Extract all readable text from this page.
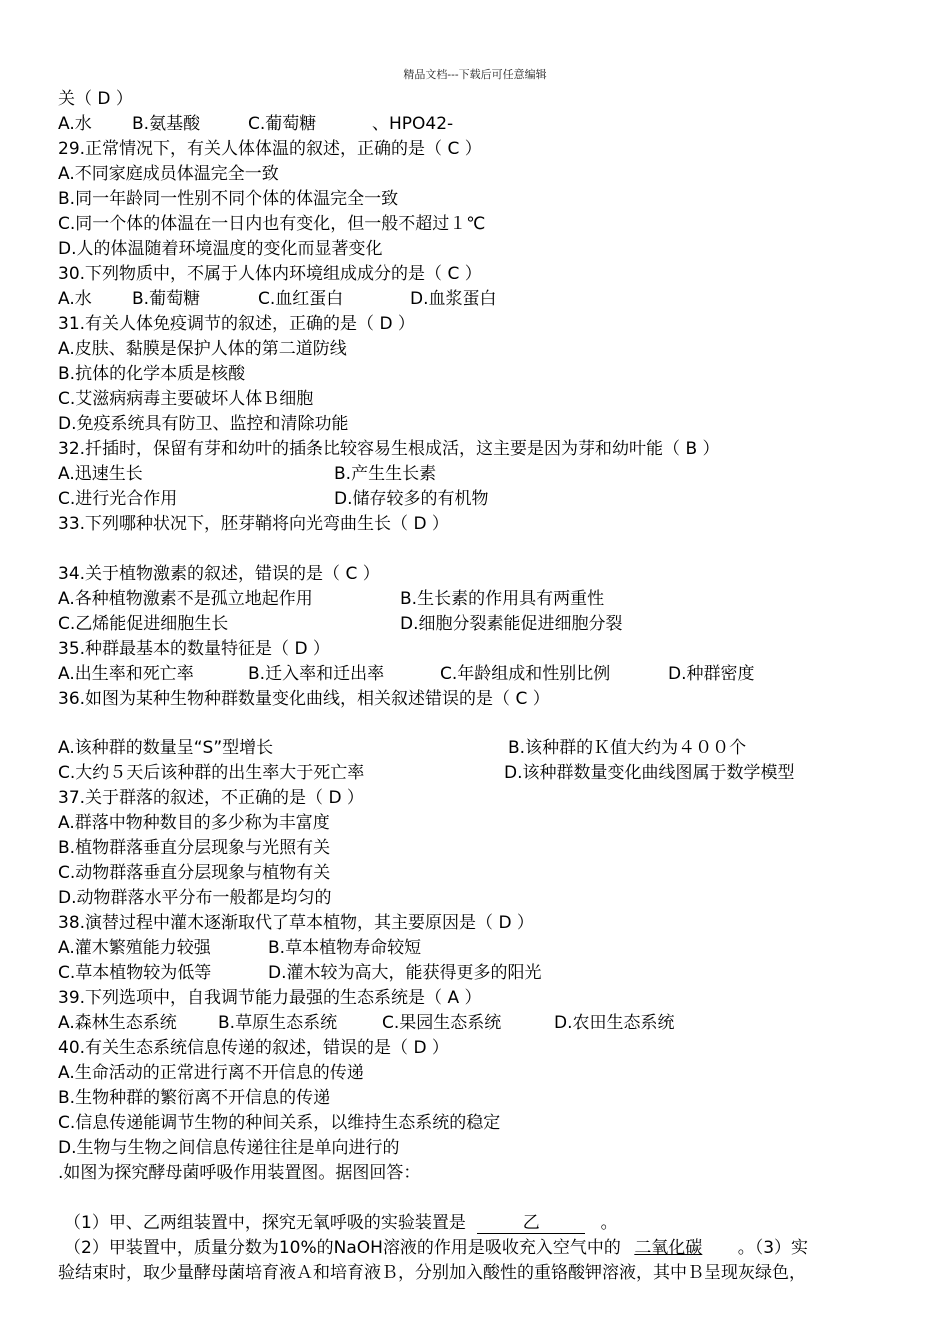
精品文档---下载后可任意编辑
关（ D ）
A.水 B.氨基酸	C.葡萄糖	、HPO42-
29.正常情况下，有关人体体温的叙述，正确的是（ C ）
A.不同家庭成员体温完全一致
B.同一年龄同一性别不同个体的体温完全一致
C.同一个体的体温在一日内也有变化，但一般不超过１℃
D.人的体温随着环境温度的变化而显著变化
30.下列物质中，不属于人体内环境组成成分的是（ C ）
A.水 B.葡萄糖	C.血红蛋白	D.血浆蛋白
31.有关人体免疫调节的叙述，正确的是（ D ）
A.皮肤、黏膜是保护人体的第二道防线
B.抗体的化学本质是核酸
C.艾滋病病毒主要破坏人体Ｂ细胞
D.免疫系统具有防卫、监控和清除功能
32.扦插时，保留有芽和幼叶的插条比较容易生根成活，这主要是因为芽和幼叶能（ B ）
A.迅速生长	B.产生生长素
C.进行光合作用	D.储存较多的有机物
33.下列哪种状况下，胚芽鞘将向光弯曲生长（ D ）
34.关于植物激素的叙述，错误的是（ C ）
A.各种植物激素不是孤立地起作用	B.生长素的作用具有两重性
C.乙烯能促进细胞生长	D.细胞分裂素能促进细胞分裂
35.种群最基本的数量特征是（ D ）
A.出生率和死亡率	B.迁入率和迁出率	C.年龄组成和性别比例	D.种群密度
36.如图为某种生物种群数量变化曲线，相关叙述错误的是（ C ）
A.该种群的数量呈“S”型增长	B.该种群的Ｋ值大约为４００个
C.大约５天后该种群的出生率大于死亡率	D.该种群数量变化曲线图属于数学模型
37.关于群落的叙述，不正确的是（ D ）
A.群落中物种数目的多少称为丰富度
B.植物群落垂直分层现象与光照有关
C.动物群落垂直分层现象与植物有关
D.动物群落水平分布一般都是均匀的
38.演替过程中灌木逐渐取代了草本植物，其主要原因是（ D ）
A.灌木繁殖能力较强	B.草本植物寿命较短
C.草本植物较为低等	D.灌木较为高大，能获得更多的阳光
39.下列选项中，自我调节能力最强的生态系统是（ A ）
A.森林生态系统 B.草原生态系统	C.果园生态系统	D.农田生态系统
40.有关生态系统信息传递的叙述，错误的是（ D ）
A.生命活动的正常进行离不开信息的传递
B.生物种群的繁衍离不开信息的传递
C.信息传递能调节生物的种间关系，以维持生态系统的稳定
D.生物与生物之间信息传递往往是单向进行的
.如图为探究酵母菌呼吸作用装置图。据图回答：
（1）甲、乙两组装置中，探究无氧呼吸的实验装置是	乙	。
（2）甲装置中，质量分数为10%的NaOH溶液的作用是吸收充入空气中的 二氧化碳 。（3）实
验结束时，取少量酵母菌培育液Ａ和培育液Ｂ，分别加入酸性的重铬酸钾溶液，其中Ｂ呈现灰绿色，
